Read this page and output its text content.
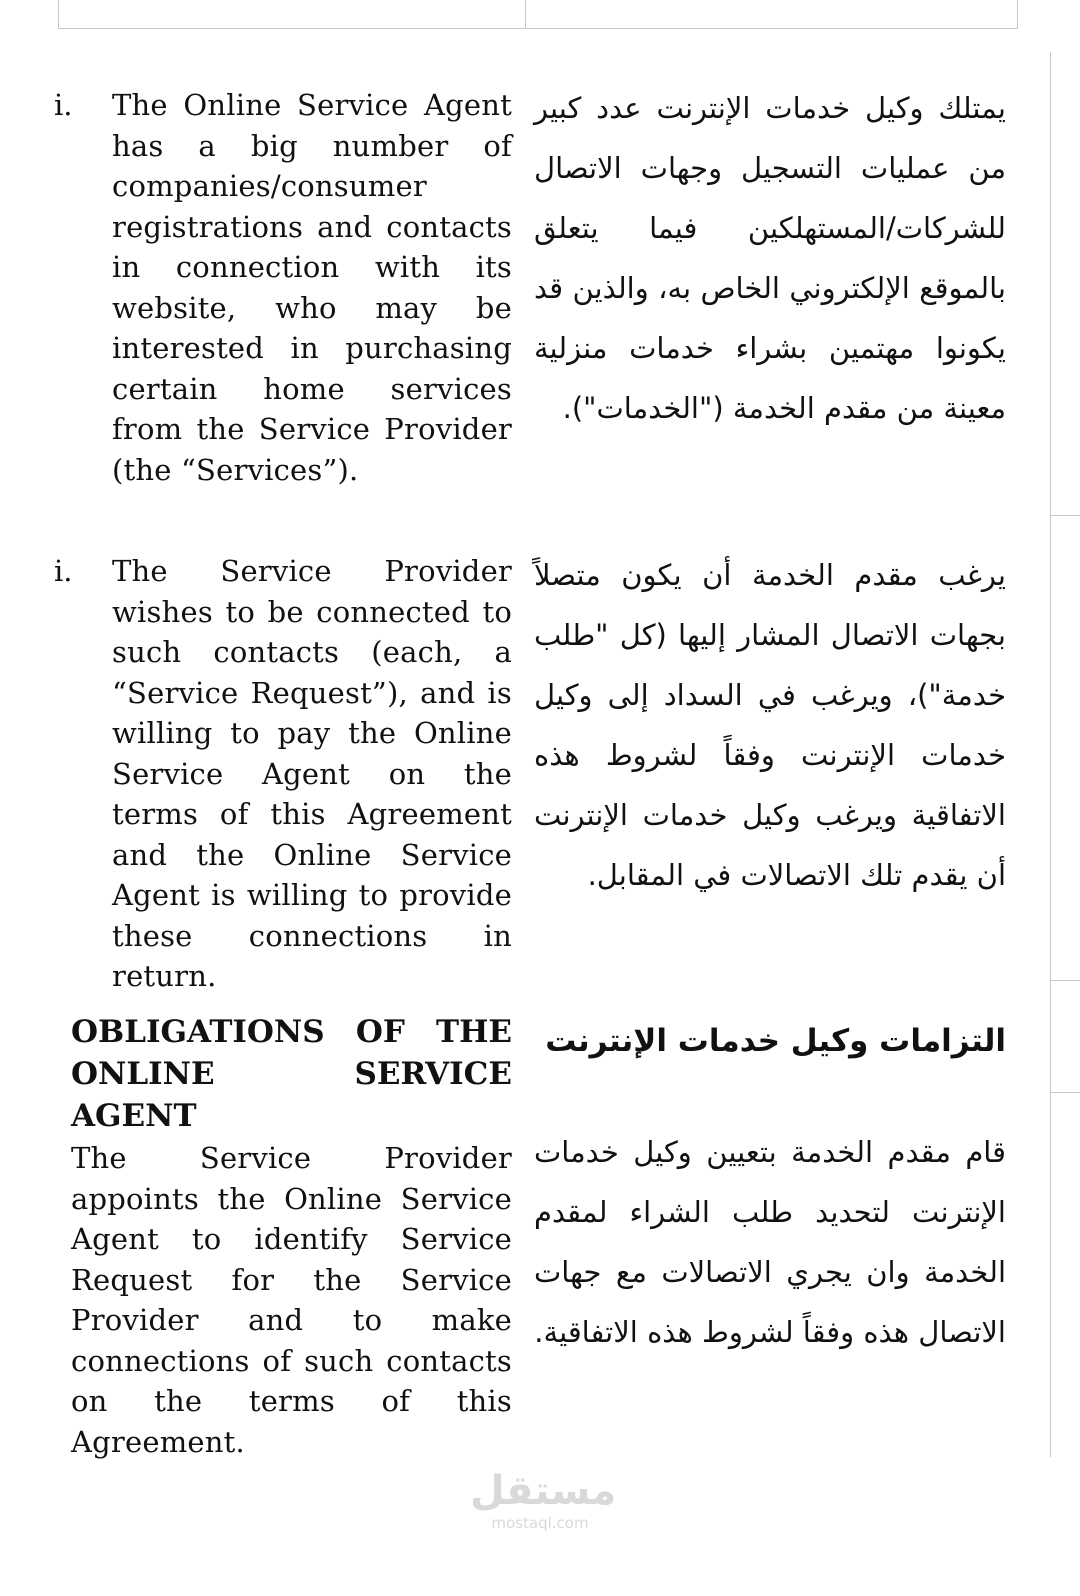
i. The Online Service Agent has a big number of companies/consumer registrations and contacts in connection with its website, who may be interested in purchasing certain home services from the Service Provider (the “Services”).

يمتلك وكيل خدمات الإنترنت عدد كبير من عمليات التسجيل وجهات الاتصال للشركات/المستهلكين فيما يتعلق بالموقع الإلكتروني الخاص به، والذين قد يكونوا مهتمين بشراء خدمات منزلية معينة من مقدم الخدمة ("الخدمات").

i. The Service Provider wishes to be connected to such contacts (each, a “Service Request”), and is willing to pay the Online Service Agent on the terms of this Agreement and the Online Service Agent is willing to provide these connections in return.

يرغب مقدم الخدمة أن يكون متصلاً بجهات الاتصال المشار إليها (كل "طلب خدمة")، ويرغب في السداد إلى وكيل خدمات الإنترنت وفقاً لشروط هذه الاتفاقية ويرغب وكيل خدمات الإنترنت أن يقدم تلك الاتصالات في المقابل.

OBLIGATIONS OF THE ONLINE SERVICE AGENT
التزامات وكيل خدمات الإنترنت

The Service Provider appoints the Online Service Agent to identify Service Request for the Service Provider and to make connections of such contacts on the terms of this Agreement.

قام مقدم الخدمة بتعيين وكيل خدمات الإنترنت لتحديد طلب الشراء لمقدم الخدمة وان يجري الاتصالات مع جهات الاتصال هذه وفقاً لشروط هذه الاتفاقية.

مستقل
mostaql.com
